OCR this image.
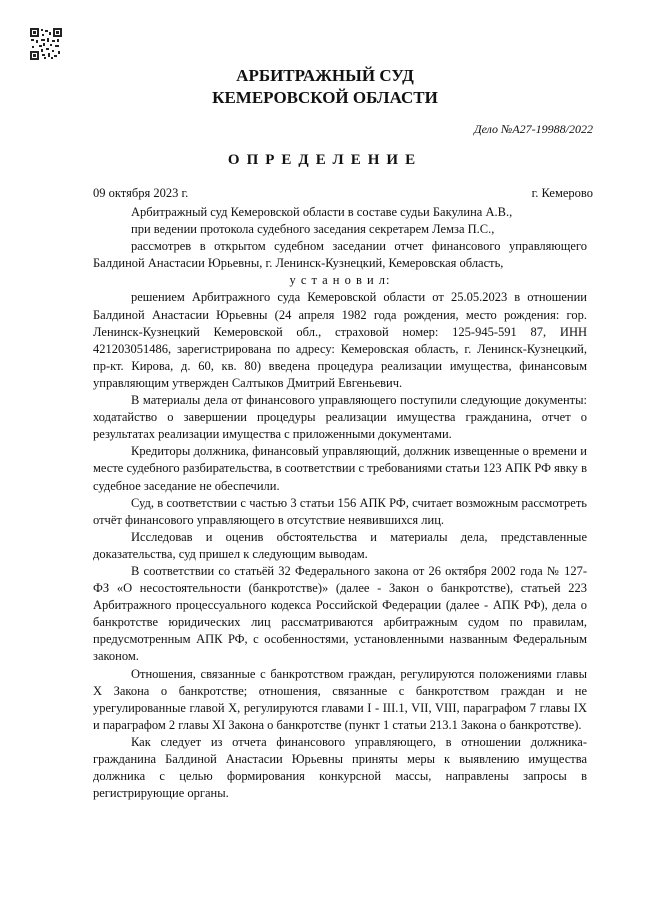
АРБИТРАЖНЫЙ СУД
КЕМЕРОВСКОЙ ОБЛАСТИ
Дело №А27-19988/2022
ОПРЕДЕЛЕНИЕ
09 октября 2023 г.	г. Кемерово

Арбитражный суд Кемеровской области в составе судьи Бакулина А.В.,

при ведении протокола судебного заседания секретарем Лемза П.С.,

рассмотрев в открытом судебном заседании отчет финансового управляющего Балдиной Анастасии Юрьевны, г. Ленинск-Кузнецкий, Кемеровская область,

у с т а н о в и л:

решением Арбитражного суда Кемеровской области от 25.05.2023 в отношении Балдиной Анастасии Юрьевны (24 апреля 1982 года рождения, место рождения: гор. Ленинск-Кузнецкий Кемеровской обл., страховой номер: 125-945-591 87, ИНН 421203051486, зарегистрирована по адресу: Кемеровская область, г. Ленинск-Кузнецкий, пр-кт. Кирова, д. 60, кв. 80) введена процедура реализации имущества, финансовым управляющим утвержден Салтыков Дмитрий Евгеньевич.

В материалы дела от финансового управляющего поступили следующие документы: ходатайство о завершении процедуры реализации имущества гражданина, отчет о результатах реализации имущества с приложенными документами.

Кредиторы должника, финансовый управляющий, должник извещенные о времени и месте судебного разбирательства, в соответствии с требованиями статьи 123 АПК РФ явку в судебное заседание не обеспечили.

Суд, в соответствии с частью 3 статьи 156 АПК РФ, считает возможным рассмотреть отчёт финансового управляющего в отсутствие неявившихся лиц.

Исследовав и оценив обстоятельства и материалы дела, представленные доказательства, суд пришел к следующим выводам.

В соответствии со статьёй 32 Федерального закона от 26 октября 2002 года № 127- ФЗ «О несостоятельности (банкротстве)» (далее - Закон о банкротстве), статьей 223 Арбитражного процессуального кодекса Российской Федерации (далее - АПК РФ), дела о банкротстве юридических лиц рассматриваются арбитражным судом по правилам, предусмотренным АПК РФ, с особенностями, установленными названным Федеральным законом.

Отношения, связанные с банкротством граждан, регулируются положениями главы X Закона о банкротстве; отношения, связанные с банкротством граждан и не урегулированные главой X, регулируются главами I - III.1, VII, VIII, параграфом 7 главы IX и параграфом 2 главы XI Закона о банкротстве (пункт 1 статьи 213.1 Закона о банкротстве).

Как следует из отчета финансового управляющего, в отношении должника-гражданина Балдиной Анастасии Юрьевны приняты меры к выявлению имущества должника с целью формирования конкурсной массы, направлены запросы в регистрирующие органы.
